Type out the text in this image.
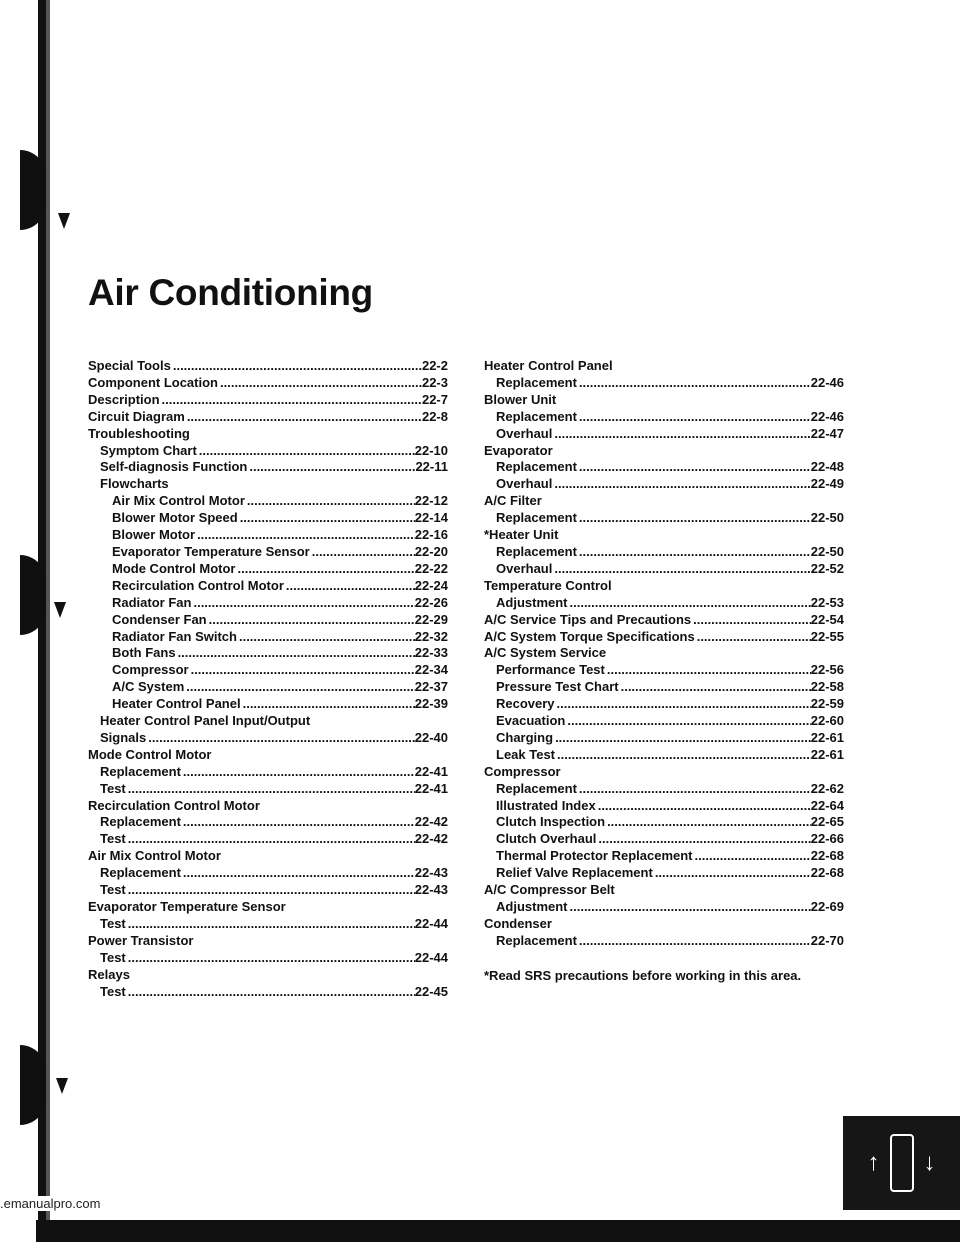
Air Conditioning
Special Tools .....	22-2
Component Location .....	22-3
Description .....	22-7
Circuit Diagram .....	22-8
Troubleshooting
Symptom Chart .....	22-10
Self-diagnosis Function .....	22-11
Flowcharts
Air Mix Control Motor .....	22-12
Blower Motor Speed .....	22-14
Blower Motor .....	22-16
Evaporator Temperature Sensor .....	22-20
Mode Control Motor .....	22-22
Recirculation Control Motor .....	22-24
Radiator Fan .....	22-26
Condenser Fan .....	22-29
Radiator Fan Switch .....	22-32
Both Fans .....	22-33
Compressor .....	22-34
A/C System .....	22-37
Heater Control Panel .....	22-39
Heater Control Panel Input/Output
Signals .....	22-40
Mode Control Motor
Replacement .....	22-41
Test .....	22-41
Recirculation Control Motor
Replacement .....	22-42
Test .....	22-42
Air Mix Control Motor
Replacement .....	22-43
Test .....	22-43
Evaporator Temperature Sensor
Test .....	22-44
Power Transistor
Test .....	22-44
Relays
Test .....	22-45
Heater Control Panel
Replacement .....	22-46
Blower Unit
Replacement .....	22-46
Overhaul .....	22-47
Evaporator
Replacement .....	22-48
Overhaul .....	22-49
A/C Filter
Replacement .....	22-50
*Heater Unit
Replacement .....	22-50
Overhaul .....	22-52
Temperature Control
Adjustment .....	22-53
A/C Service Tips and Precautions .....	22-54
A/C System Torque Specifications .....	22-55
A/C System Service
Performance Test .....	22-56
Pressure Test Chart .....	22-58
Recovery .....	22-59
Evacuation .....	22-60
Charging .....	22-61
Leak Test .....	22-61
Compressor
Replacement .....	22-62
Illustrated Index .....	22-64
Clutch Inspection .....	22-65
Clutch Overhaul .....	22-66
Thermal Protector Replacement .....	22-68
Relief Valve Replacement .....	22-68
A/C Compressor Belt
Adjustment .....	22-69
Condenser
Replacement .....	22-70
*Read SRS precautions before working in this area.
↑ ↓
.emanualpro.com
